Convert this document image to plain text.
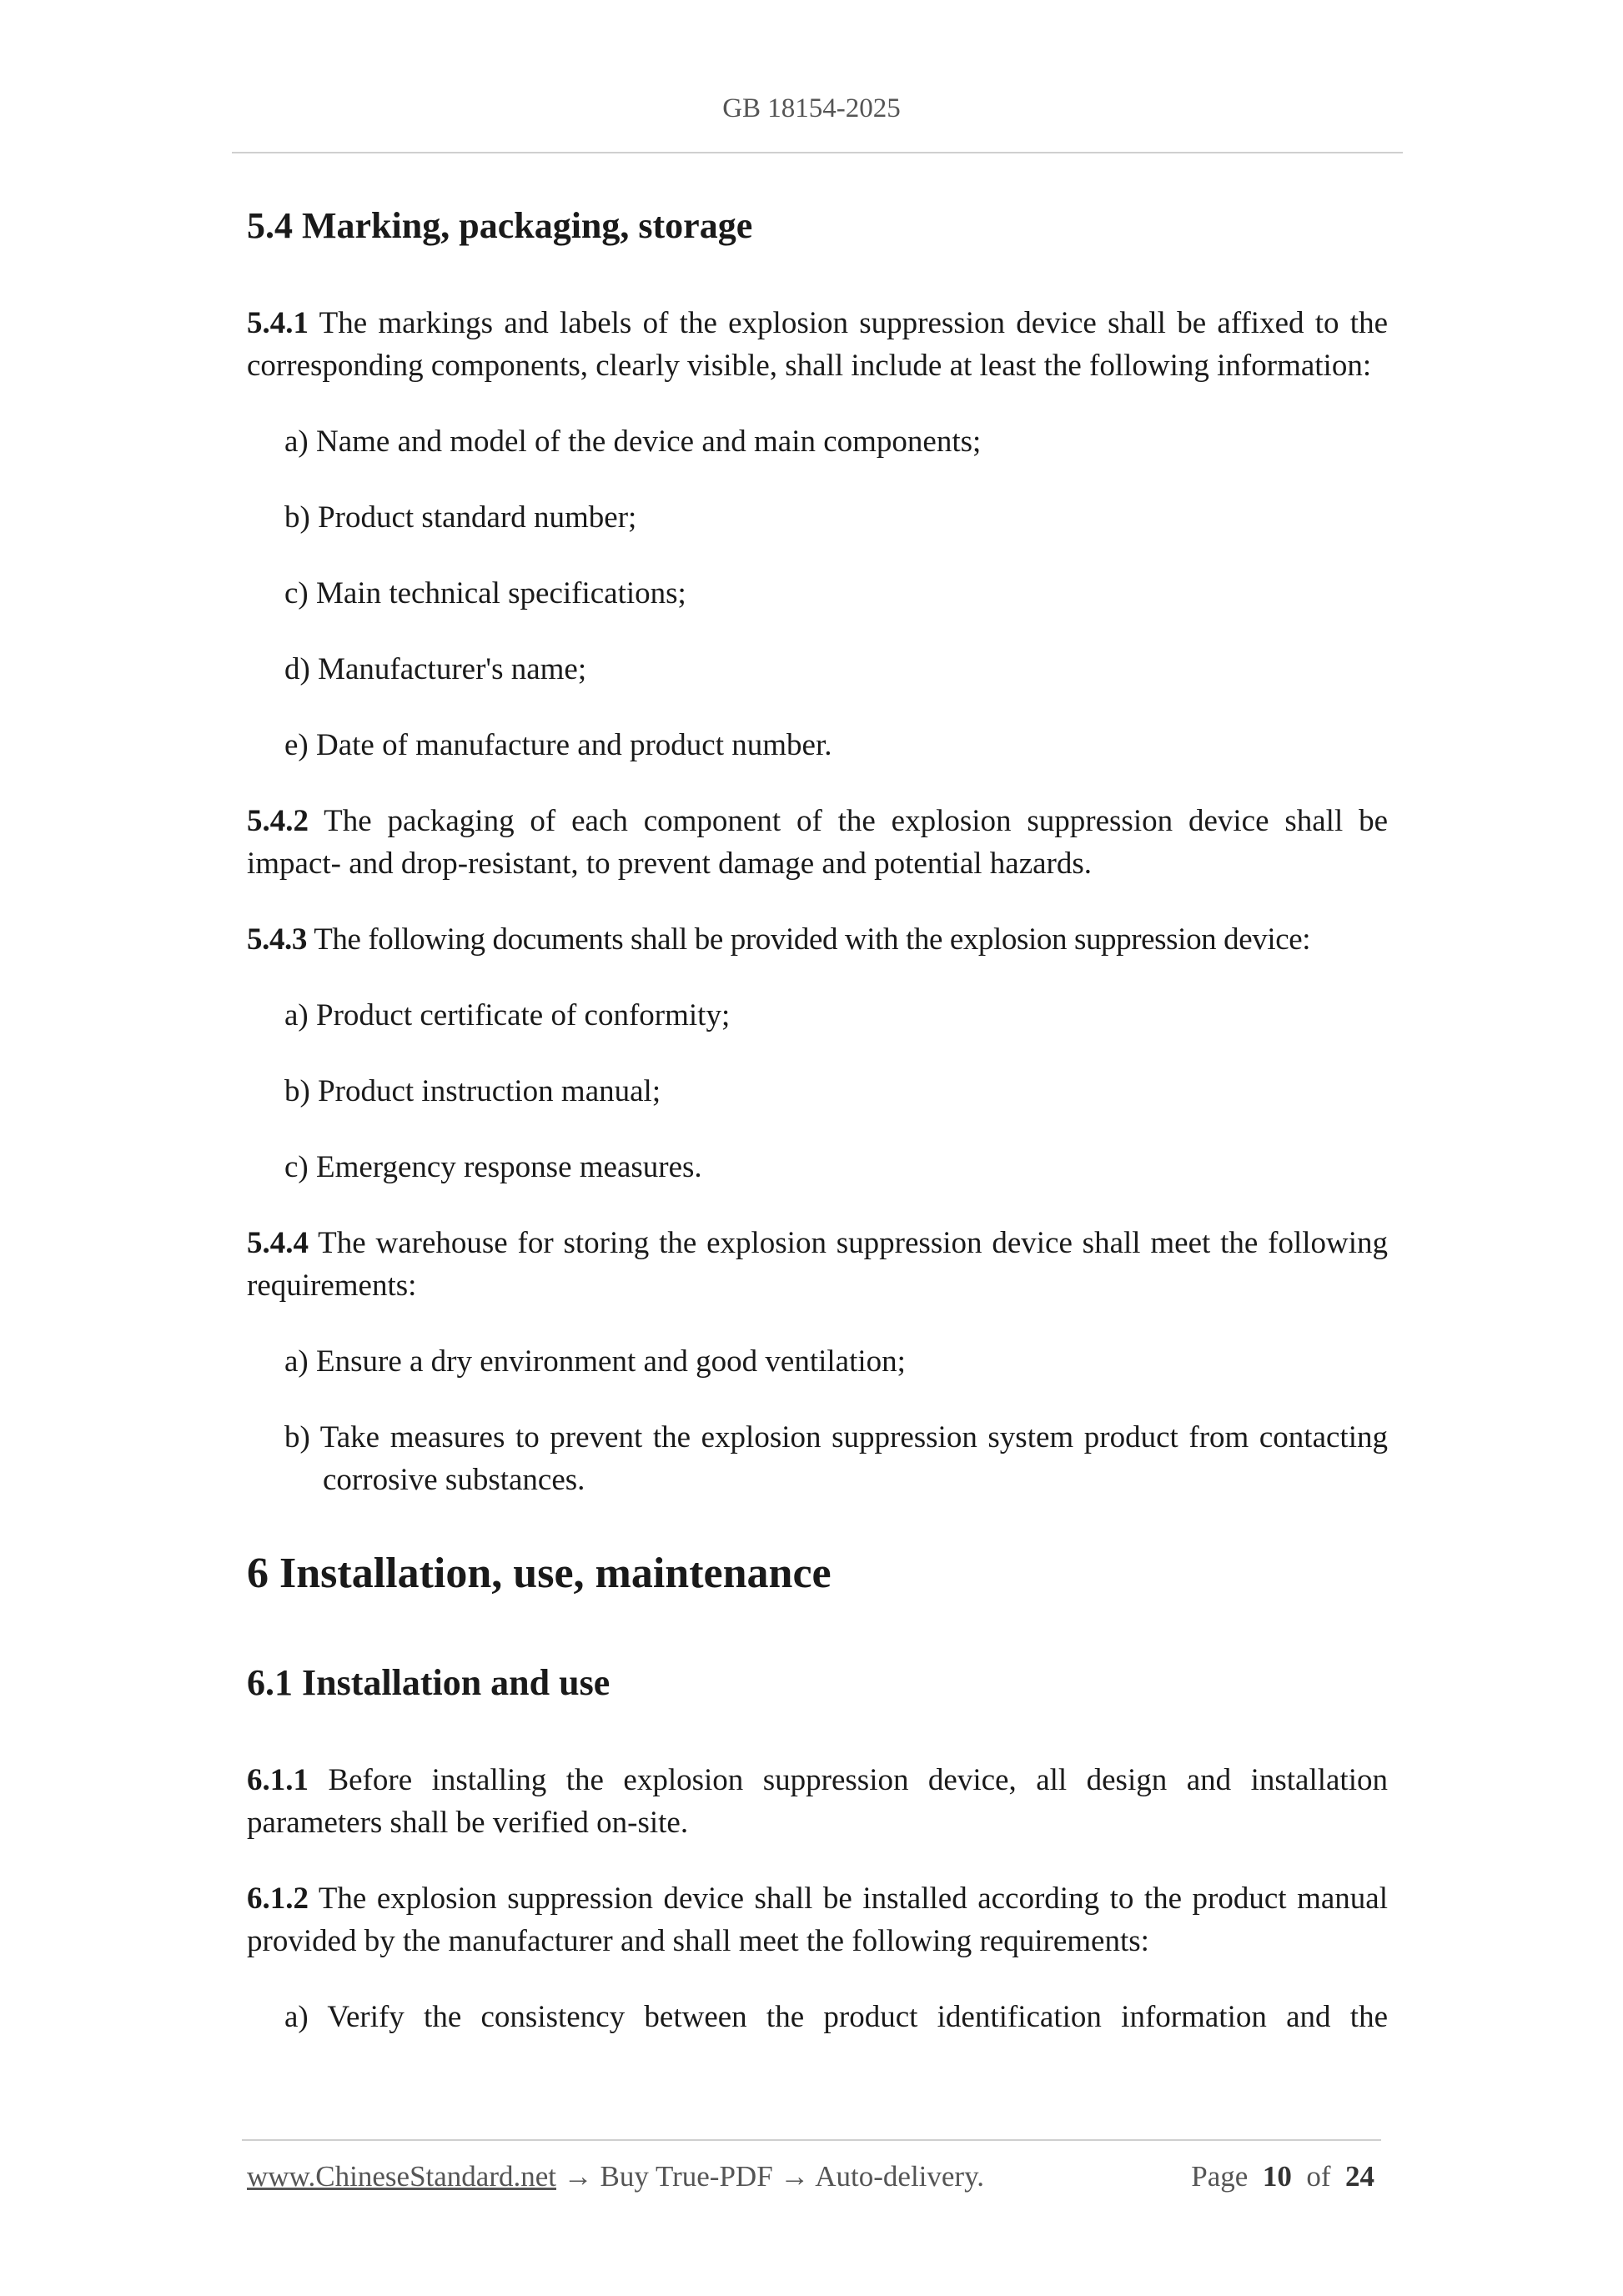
GB 18154-2025
5.4 Marking, packaging, storage

5.4.1 The markings and labels of the explosion suppression device shall be affixed to the corresponding components, clearly visible, shall include at least the following information:

a) Name and model of the device and main components;

b) Product standard number;

c) Main technical specifications;

d) Manufacturer's name;

e) Date of manufacture and product number.

5.4.2 The packaging of each component of the explosion suppression device shall be impact- and drop-resistant, to prevent damage and potential hazards.

5.4.3 The following documents shall be provided with the explosion suppression device:

a) Product certificate of conformity;

b) Product instruction manual;

c) Emergency response measures.

5.4.4 The warehouse for storing the explosion suppression device shall meet the following requirements:

a) Ensure a dry environment and good ventilation;

b) Take measures to prevent the explosion suppression system product from contacting corrosive substances.

6 Installation, use, maintenance
6.1 Installation and use

6.1.1 Before installing the explosion suppression device, all design and installation parameters shall be verified on-site.

6.1.2 The explosion suppression device shall be installed according to the product manual provided by the manufacturer and shall meet the following requirements:

a) Verify the consistency between the product identification information and the

www.ChineseStandard.net → Buy True-PDF → Auto-delivery.	Page 10 of 24
